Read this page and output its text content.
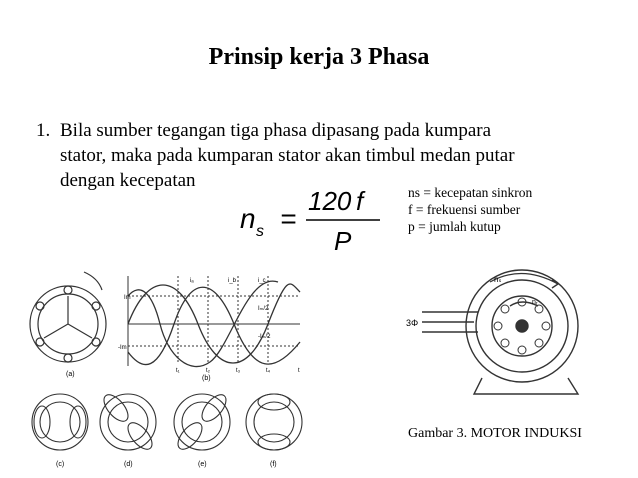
Prinsip kerja 3 Phasa
1. Bila sumber tegangan tiga phasa dipasang pada kumpara
stator, maka pada kumparan stator akan timbul medan putar
dengan kecepatan
n s =
120 f
P
ns = kecepatan sinkron
f = frekuensi sumber
p = jumlah kutup
(a)
Im
-Im
Iₘ/2
-Iₘ/2
iₐ	i_b	i_c
t₁	t₂	t₃	t₄	t
(b)
(c)	(d)	(e)	(f)
3Φ
nₛ
nᵣ
Gambar 3. MOTOR INDUKSI
